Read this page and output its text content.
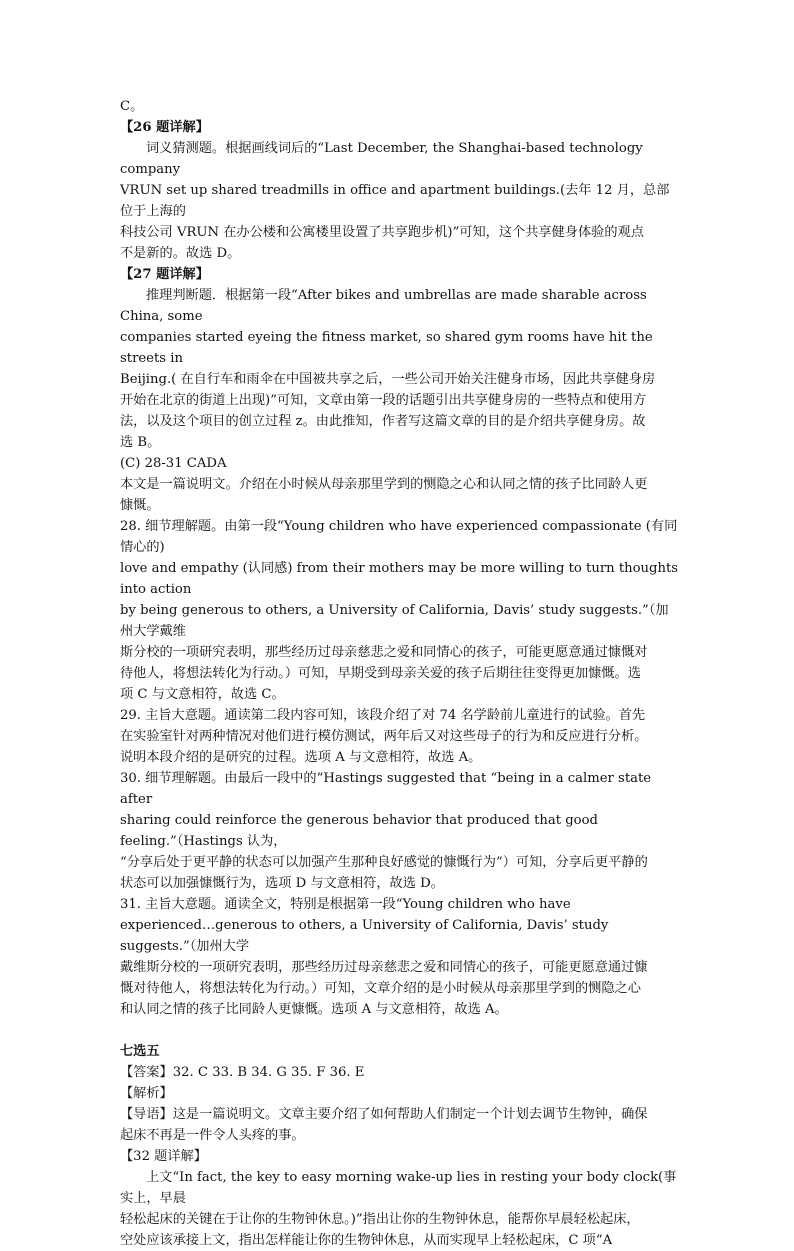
C。

【26 题详解】

词义猜测题。根据画线词后的“Last December, the Shanghai-based technology company

VRUN set up shared treadmills in office and apartment buildings.(去年 12 月，总部位于上海的

科技公司 VRUN 在办公楼和公寓楼里设置了共享跑步机)”可知，这个共享健身体验的观点

不是新的。故选 D。

【27 题详解】

推理判断题．根据第一段“After bikes and umbrellas are made sharable across China, some

companies started eyeing the fitness market, so shared gym rooms have hit the streets in

Beijing.( 在自行车和雨伞在中国被共享之后，一些公司开始关注健身市场，因此共享健身房

开始在北京的街道上出现)”可知，文章由第一段的话题引出共享健身房的一些特点和使用方

法，以及这个项目的创立过程 z。由此推知，作者写这篇文章的目的是介绍共享健身房。故

选 B。

(C) 28-31 CADA

本文是一篇说明文。介绍在小时候从母亲那里学到的恻隐之心和认同之情的孩子比同龄人更

慷慨。

28. 细节理解题。由第一段“Young children who have experienced compassionate (有同情心的)

love and empathy (认同感) from their mothers may be more willing to turn thoughts into action

by being generous to others, a University of California, Davis’ study suggests.”（加州大学戴维

斯分校的一项研究表明，那些经历过母亲慈悲之爱和同情心的孩子，可能更愿意通过慷慨对

待他人，将想法转化为行动。）可知，早期受到母亲关爱的孩子后期往往变得更加慷慨。选

项 C 与文意相符，故选 C。

29. 主旨大意题。通读第二段内容可知，该段介绍了对 74 名学龄前儿童进行的试验。首先

在实验室针对两种情况对他们进行模仿测试，两年后又对这些母子的行为和反应进行分析。

说明本段介绍的是研究的过程。选项 A 与文意相符，故选 A。

30. 细节理解题。由最后一段中的“Hastings suggested that “being in a calmer state after

sharing could reinforce the generous behavior that produced that good feeling.”（Hastings 认为，

“分享后处于更平静的状态可以加强产生那种良好感觉的慷慨行为”）可知，分享后更平静的

状态可以加强慷慨行为，选项 D 与文意相符，故选 D。

31. 主旨大意题。通读全文，特别是根据第一段“Young children who have

experienced…generous to others, a University of California, Davis’ study suggests.”（加州大学

戴维斯分校的一项研究表明，那些经历过母亲慈悲之爱和同情心的孩子，可能更愿意通过慷

慨对待他人，将想法转化为行动。）可知，文章介绍的是小时候从母亲那里学到的恻隐之心

和认同之情的孩子比同龄人更慷慨。选项 A 与文意相符，故选 A。

七选五

【答案】32. C 33. B 34. G 35. F 36. E

【解析】

【导语】这是一篇说明文。文章主要介绍了如何帮助人们制定一个计划去调节生物钟，确保

起床不再是一件令人头疼的事。

【32 题详解】

上文“In fact, the key to easy morning wake-up lies in resting your body clock(事实上，早晨

轻松起床的关键在于让你的生物钟休息。)”指出让你的生物钟休息，能帮你早晨轻松起床，

空处应该承接上文，指出怎样能让你的生物钟休息，从而实现早上轻松起床，C 项“A
